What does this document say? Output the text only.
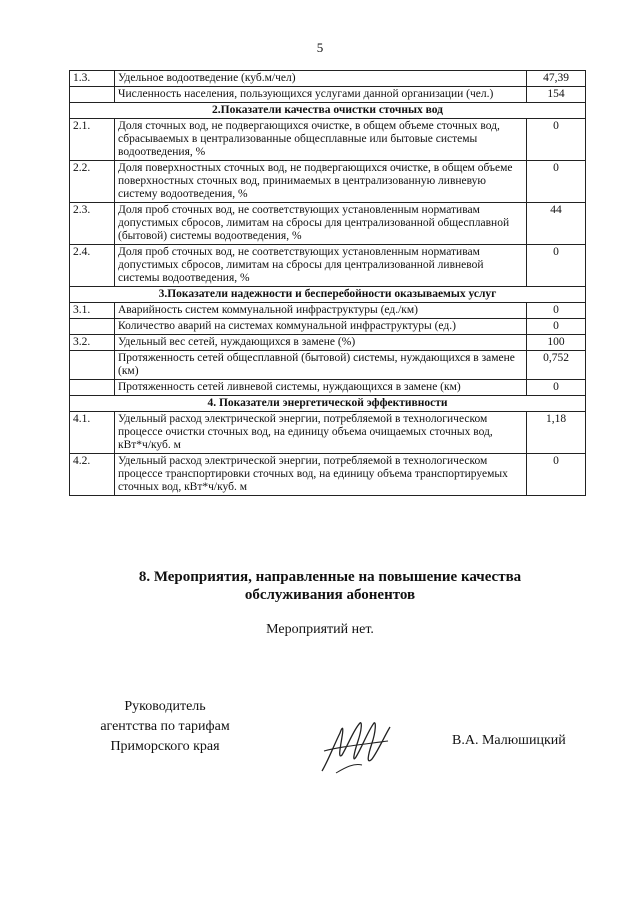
5
1.3.	Удельное водоотведение (куб.м/чел)	47,39
	Численность населения, пользующихся услугами данной организации (чел.)	154
2.Показатели качества очистки сточных вод		
2.1.	Доля сточных вод, не подвергающихся очистке, в общем объеме сточных вод, сбрасываемых в централизованные общесплавные или бытовые системы водоотведения, %	0
2.2.	Доля поверхностных сточных вод, не подвергающихся очистке, в общем объеме поверхностных сточных вод, принимаемых в централизованную ливневую систему водоотведения, %	0
2.3.	Доля проб сточных вод, не соответствующих установленным нормативам допустимых сбросов, лимитам на сбросы для централизованной общесплавной (бытовой) системы водоотведения, %	44
2.4.	Доля проб сточных вод, не соответствующих установленным нормативам допустимых сбросов, лимитам на сбросы для централизованной ливневой системы водоотведения, %	0
3.Показатели надежности и бесперебойности оказываемых услуг		
3.1.	Аварийность систем коммунальной инфраструктуры (ед./км)	0
	Количество аварий на системах коммунальной инфраструктуры (ед.)	0
3.2.	Удельный вес сетей, нуждающихся в замене (%)	100
	Протяженность сетей общесплавной (бытовой) системы, нуждающихся в замене (км)	0,752
	Протяженность сетей ливневой системы, нуждающихся в замене (км)	0
4. Показатели энергетической эффективности		
4.1.	Удельный расход электрической энергии, потребляемой в технологическом процессе очистки сточных вод, на единицу объема очищаемых сточных вод, кВт*ч/куб. м	1,18
4.2.	Удельный расход электрической энергии, потребляемой в технологическом процессе транспортировки сточных вод, на единицу объема транспортируемых сточных вод, кВт*ч/куб. м	0
8. Мероприятия, направленные на повышение качества обслуживания абонентов
Мероприятий нет.
Руководитель
агентства по тарифам
Приморского края	В.А. Малюшицкий
